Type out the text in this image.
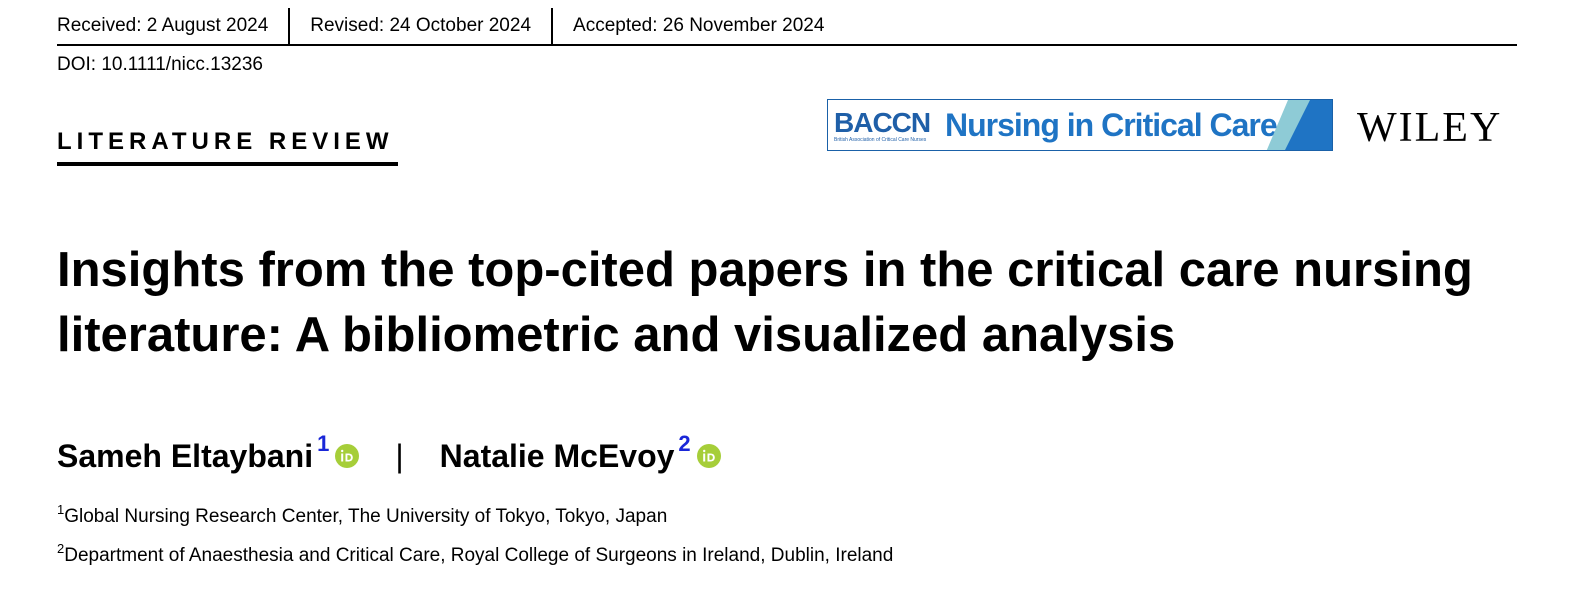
Received: 2 August 2024 Revised: 24 October 2024 Accepted: 26 November 2024
DOI: 10.1111/nicc.13236
LITERATURE REVIEW
BACCN
British Association of Critical Care Nurses Nursing in Critical Care WILEY
Insights from the top-cited papers in the critical care nursing literature: A bibliometric and visualized analysis
Sameh Eltaybani 1 | Natalie McEvoy 2
$^1$Global Nursing Research Center, The University of Tokyo, Tokyo, Japan
$^2$Department of Anaesthesia and Critical Care, Royal College of Surgeons in Ireland, Dublin, Ireland
